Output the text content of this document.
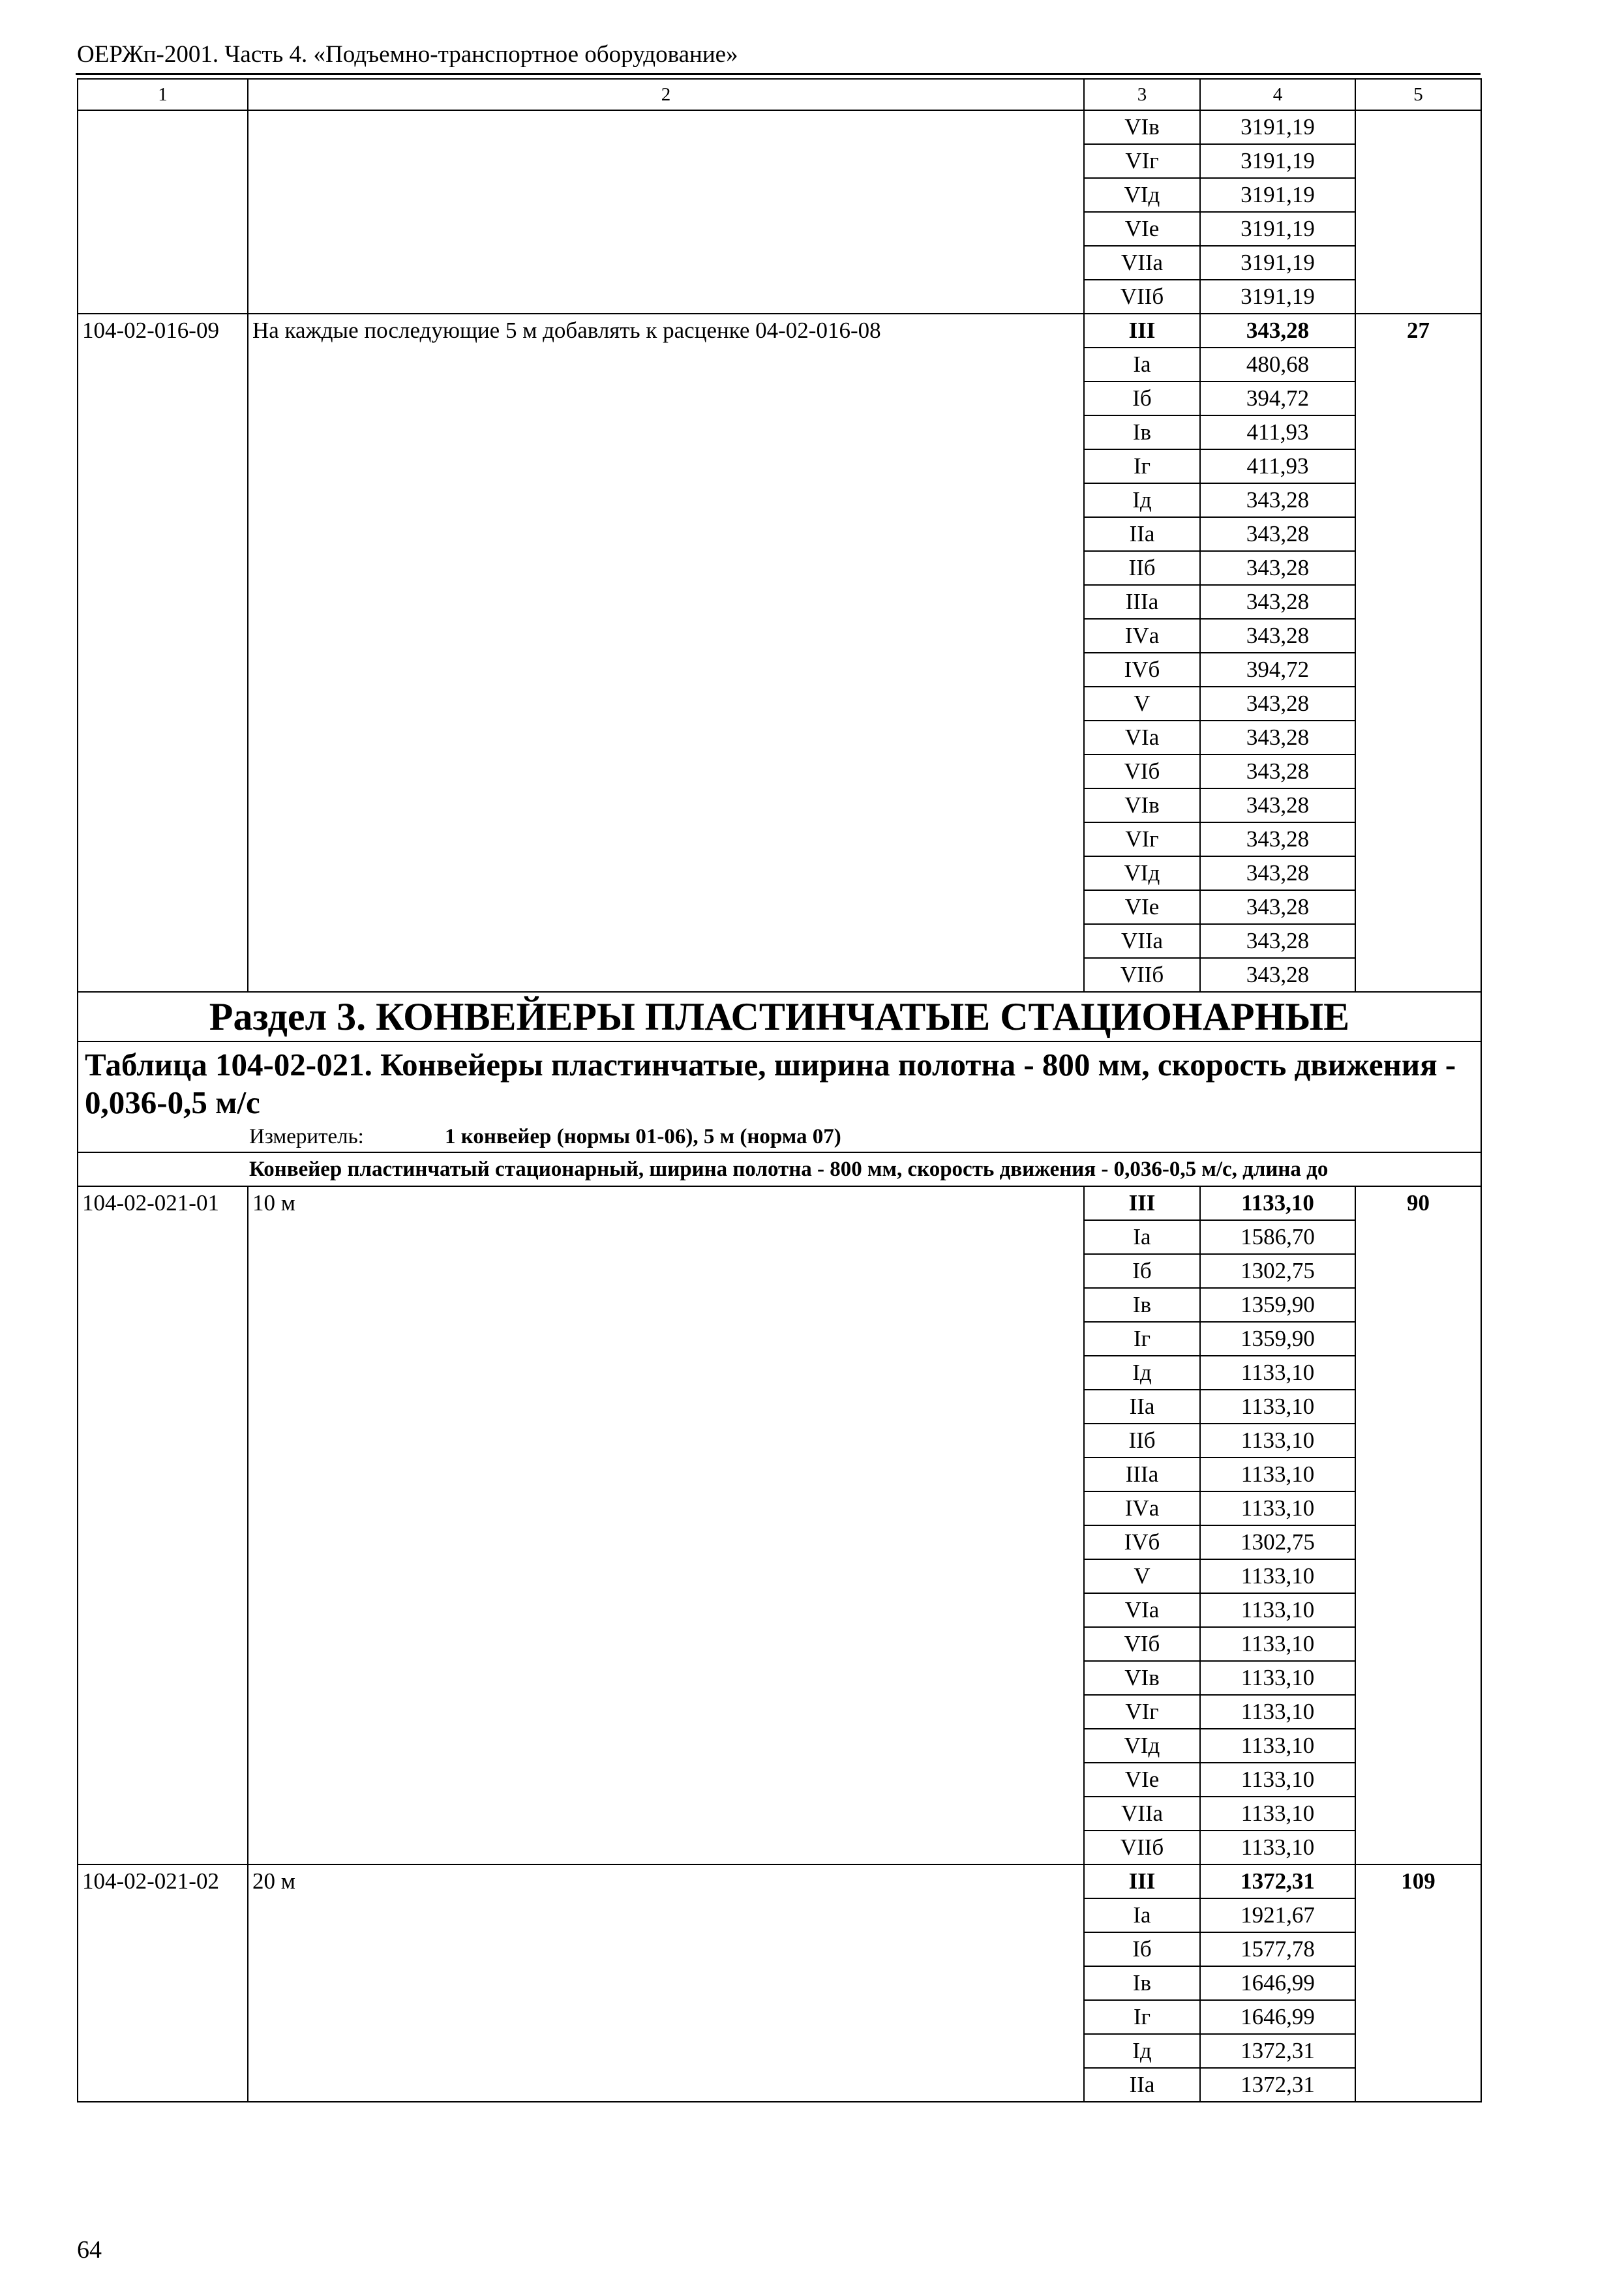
ОЕРЖп-2001. Часть 4. «Подъемно-транспортное оборудование»
1	2	3	4	5
		VIв	3191,19	
		VIг	3191,19	
		VIд	3191,19	
		VIе	3191,19	
		VIIа	3191,19	
		VIIб	3191,19	
104-02-016-09	На каждые последующие 5 м добавлять к расценке 04-02-016-08	III	343,28	27
		Iа	480,68	
		Iб	394,72	
		Iв	411,93	
		Iг	411,93	
		Iд	343,28	
		IIа	343,28	
		IIб	343,28	
		IIIа	343,28	
		IVа	343,28	
		IVб	394,72	
		V	343,28	
		VIа	343,28	
		VIб	343,28	
		VIв	343,28	
		VIг	343,28	
		VIд	343,28	
		VIе	343,28	
		VIIа	343,28	
		VIIб	343,28	
Раздел 3. КОНВЕЙЕРЫ ПЛАСТИНЧАТЫЕ СТАЦИОНАРНЫЕ				
Таблица 104-02-021. Конвейеры пластинчатые, ширина полотна - 800 мм, скорость движения - 0,036-0,5 м/с				
Измеритель: 1 конвейер (нормы 01-06), 5 м (норма 07)				
Конвейер пластинчатый стационарный, ширина полотна - 800 мм, скорость движения - 0,036-0,5 м/с, длина до				
104-02-021-01	10 м	III	1133,10	90
		Iа	1586,70	
		Iб	1302,75	
		Iв	1359,90	
		Iг	1359,90	
		Iд	1133,10	
		IIа	1133,10	
		IIб	1133,10	
		IIIа	1133,10	
		IVа	1133,10	
		IVб	1302,75	
		V	1133,10	
		VIа	1133,10	
		VIб	1133,10	
		VIв	1133,10	
		VIг	1133,10	
		VIд	1133,10	
		VIе	1133,10	
		VIIа	1133,10	
		VIIб	1133,10	
104-02-021-02	20 м	III	1372,31	109
		Iа	1921,67	
		Iб	1577,78	
		Iв	1646,99	
		Iг	1646,99	
		Iд	1372,31	
		IIа	1372,31	
64
